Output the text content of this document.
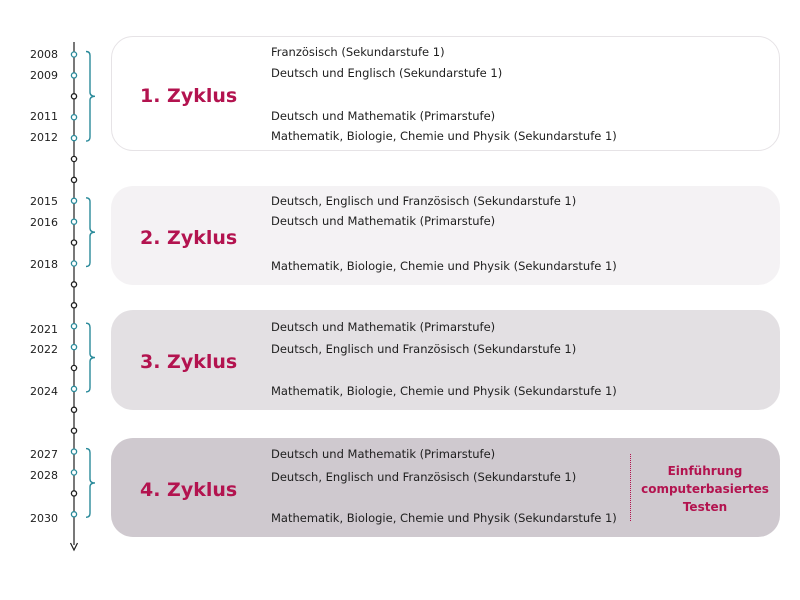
2008
2009
2011
2012
2015
2016
2018
2021
2022
2024
2027
2028
2030
1. Zyklus
2. Zyklus
3. Zyklus
4. Zyklus
Französisch (Sekundarstufe 1)
Deutsch und Englisch (Sekundarstufe 1)
Deutsch und Mathematik (Primarstufe)
Mathematik, Biologie, Chemie und Physik (Sekundarstufe 1)
Deutsch, Englisch und Französisch (Sekundarstufe 1)
Deutsch und Mathematik (Primarstufe)
Mathematik, Biologie, Chemie und Physik (Sekundarstufe 1)
Deutsch und Mathematik (Primarstufe)
Deutsch, Englisch und Französisch (Sekundarstufe 1)
Mathematik, Biologie, Chemie und Physik (Sekundarstufe 1)
Deutsch und Mathematik (Primarstufe)
Deutsch, Englisch und Französisch (Sekundarstufe 1)
Mathematik, Biologie, Chemie und Physik (Sekundarstufe 1)
Einführung
computerbasiertes
Testen
